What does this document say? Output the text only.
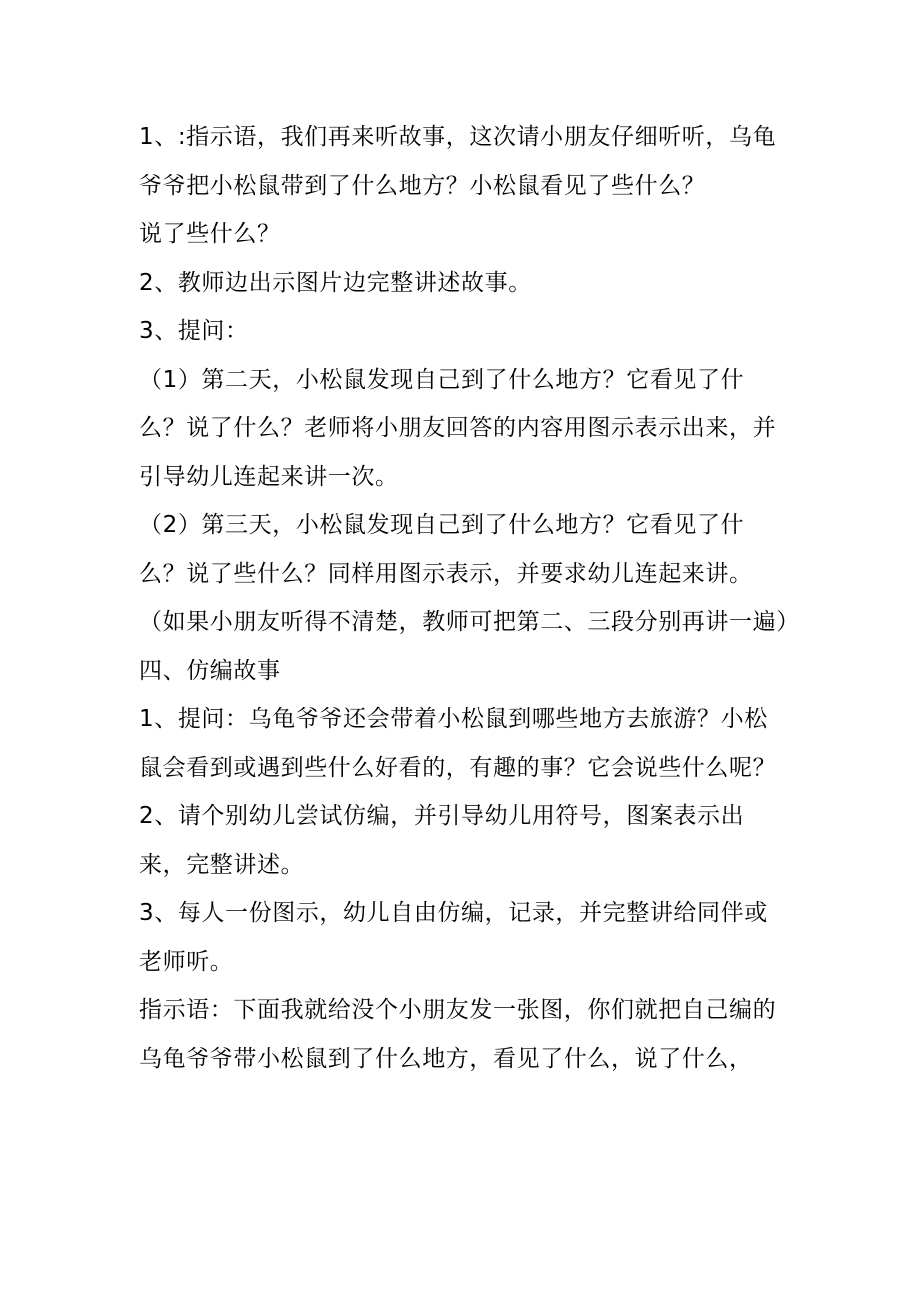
1、:指示语，我们再来听故事，这次请小朋友仔细听听，乌龟爷爷把小松鼠带到了什么地方？小松鼠看见了些什么？

说了些什么？

2、教师边出示图片边完整讲述故事。

3、提问：

（1）第二天，小松鼠发现自己到了什么地方？它看见了什么？说了什么？老师将小朋友回答的内容用图示表示出来，并引导幼儿连起来讲一次。

（2）第三天，小松鼠发现自己到了什么地方？它看见了什么？说了些什么？同样用图示表示，并要求幼儿连起来讲。

（如果小朋友听得不清楚，教师可把第二、三段分别再讲一遍）

四、仿编故事

1、提问：乌龟爷爷还会带着小松鼠到哪些地方去旅游？小松鼠会看到或遇到些什么好看的，有趣的事？它会说些什么呢？

2、请个别幼儿尝试仿编，并引导幼儿用符号，图案表示出来，完整讲述。

3、每人一份图示，幼儿自由仿编，记录，并完整讲给同伴或老师听。

指示语：下面我就给没个小朋友发一张图，你们就把自己编的乌龟爷爷带小松鼠到了什么地方，看见了什么，说了什么，
